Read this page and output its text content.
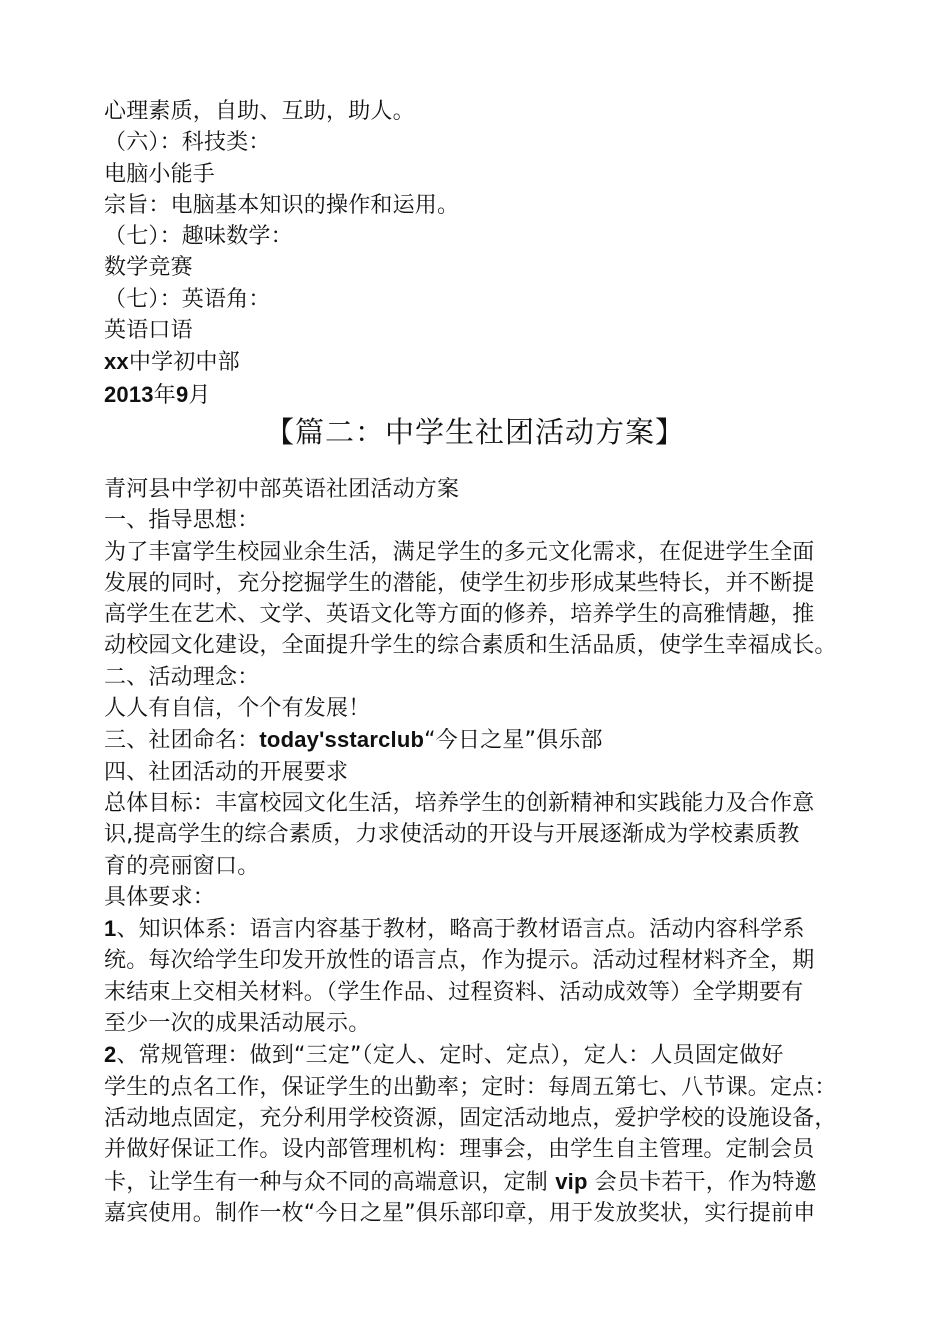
心理素质，自助、互助，助人。
（六）：科技类：
电脑小能手
宗旨：电脑基本知识的操作和运用。
（七）：趣味数学：
数学竞赛
（七）：英语角：
英语口语
xx中学初中部
2013年9月
【篇二：中学生社团活动方案】
青河县中学初中部英语社团活动方案
一、指导思想：
为了丰富学生校园业余生活，满足学生的多元文化需求，在促进学生全面
发展的同时，充分挖掘学生的潜能，使学生初步形成某些特长，并不断提
高学生在艺术、文学、英语文化等方面的修养，培养学生的高雅情趣，推
动校园文化建设，全面提升学生的综合素质和生活品质，使学生幸福成长。
二、活动理念：
人人有自信，个个有发展！
三、社团命名：today'sstarclub“今日之星”俱乐部
四、社团活动的开展要求
总体目标：丰富校园文化生活，培养学生的创新精神和实践能力及合作意
识,提高学生的综合素质，力求使活动的开设与开展逐渐成为学校素质教
育的亮丽窗口。
具体要求：
1、知识体系：语言内容基于教材，略高于教材语言点。活动内容科学系
统。每次给学生印发开放性的语言点，作为提示。活动过程材料齐全，期
末结束上交相关材料。（学生作品、过程资料、活动成效等）全学期要有
至少一次的成果活动展示。
2、常规管理：做到“三定”（定人、定时、定点），定人：人员固定做好
学生的点名工作，保证学生的出勤率；定时：每周五第七、八节课。定点：
活动地点固定，充分利用学校资源，固定活动地点，爱护学校的设施设备，
并做好保证工作。设内部管理机构：理事会，由学生自主管理。定制会员
卡，让学生有一种与众不同的高端意识，定制 vip 会员卡若干，作为特邀
嘉宾使用。制作一枚“今日之星”俱乐部印章，用于发放奖状，实行提前申
